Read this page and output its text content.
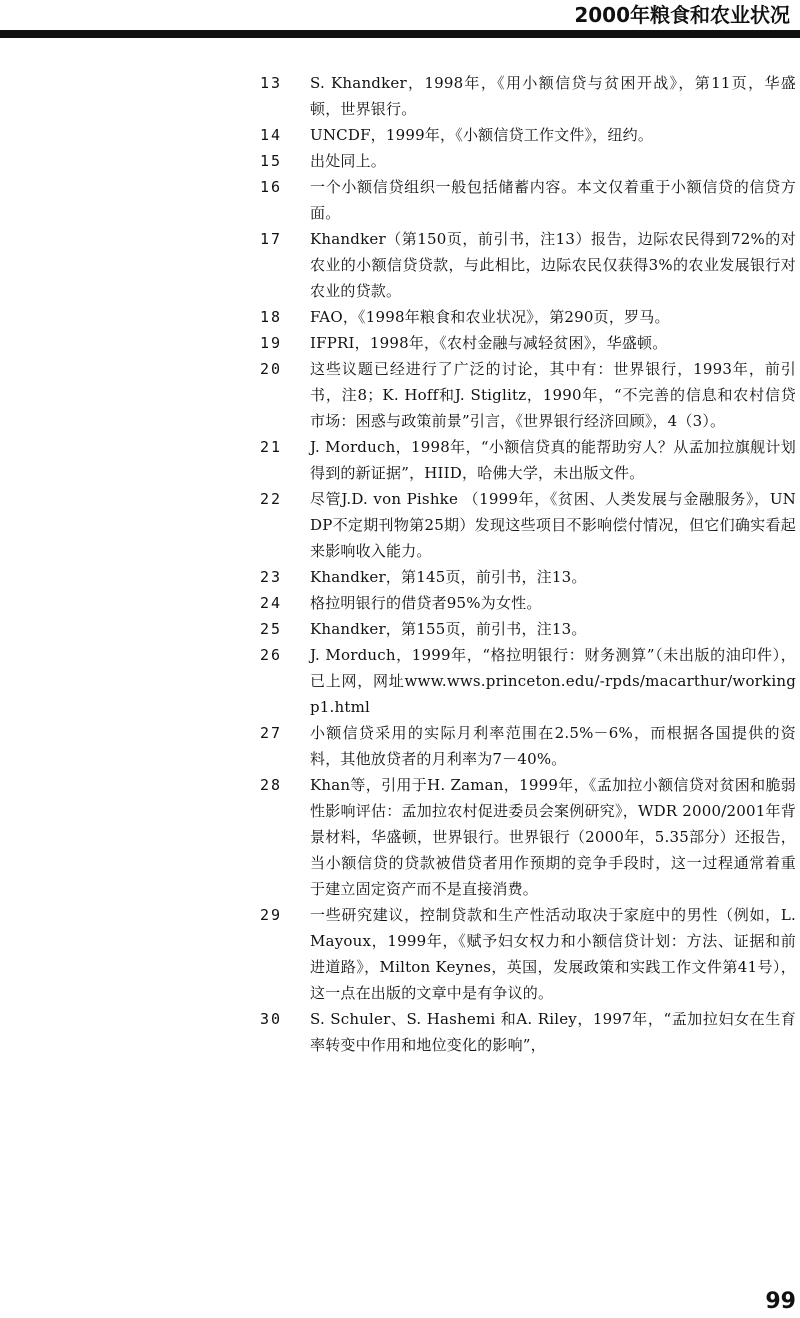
2000年粮食和农业状况
13	S. Khandker，1998年，《用小额信贷与贫困开战》，第11页，华盛顿，世界银行。
14	UNCDF，1999年，《小额信贷工作文件》，纽约。
15	出处同上。
16	一个小额信贷组织一般包括储蓄内容。本文仅着重于小额信贷的信贷方面。
17	Khandker（第150页，前引书，注13）报告，边际农民得到72%的对农业的小额信贷贷款，与此相比，边际农民仅获得3%的农业发展银行对农业的贷款。
18	FAO，《1998年粮食和农业状况》，第290页，罗马。
19	IFPRI，1998年，《农村金融与减轻贫困》，华盛顿。
20	这些议题已经进行了广泛的讨论，其中有：世界银行，1993年，前引书，注8；K. Hoff和J. Stiglitz，1990年，“不完善的信息和农村信贷市场：困惑与政策前景”引言，《世界银行经济回顾》，4（3）。
21	J. Morduch，1998年，“小额信贷真的能帮助穷人？从孟加拉旗舰计划得到的新证据”，HIID，哈佛大学，未出版文件。
22	尽管J.D. von Pishke （1999年，《贫困、人类发展与金融服务》，UNDP不定期刊物第25期）发现这些项目不影响偿付情况，但它们确实看起来影响收入能力。
23	Khandker，第145页，前引书，注13。
24	格拉明银行的借贷者95%为女性。
25	Khandker，第155页，前引书，注13。
26	J. Morduch，1999年，“格拉明银行：财务测算”（未出版的油印件），已上网，网址www.wws.princeton.edu/-rpds/macarthur/workingp1.html
27	小额信贷采用的实际月利率范围在2.5%－6%，而根据各国提供的资料，其他放贷者的月利率为7－40%。
28	Khan等，引用于H. Zaman，1999年，《孟加拉小额信贷对贫困和脆弱性影响评估：孟加拉农村促进委员会案例研究》，WDR 2000/2001年背景材料，华盛顿，世界银行。世界银行（2000年，5.35部分）还报告，当小额信贷的贷款被借贷者用作预期的竞争手段时，这一过程通常着重于建立固定资产而不是直接消费。
29	一些研究建议，控制贷款和生产性活动取决于家庭中的男性（例如，L. Mayoux，1999年，《赋予妇女权力和小额信贷计划：方法、证据和前进道路》，Milton Keynes，英国，发展政策和实践工作文件第41号），这一点在出版的文章中是有争议的。
30	S. Schuler、S. Hashemi 和A. Riley，1997年，“孟加拉妇女在生育率转变中作用和地位变化的影响”，
99
